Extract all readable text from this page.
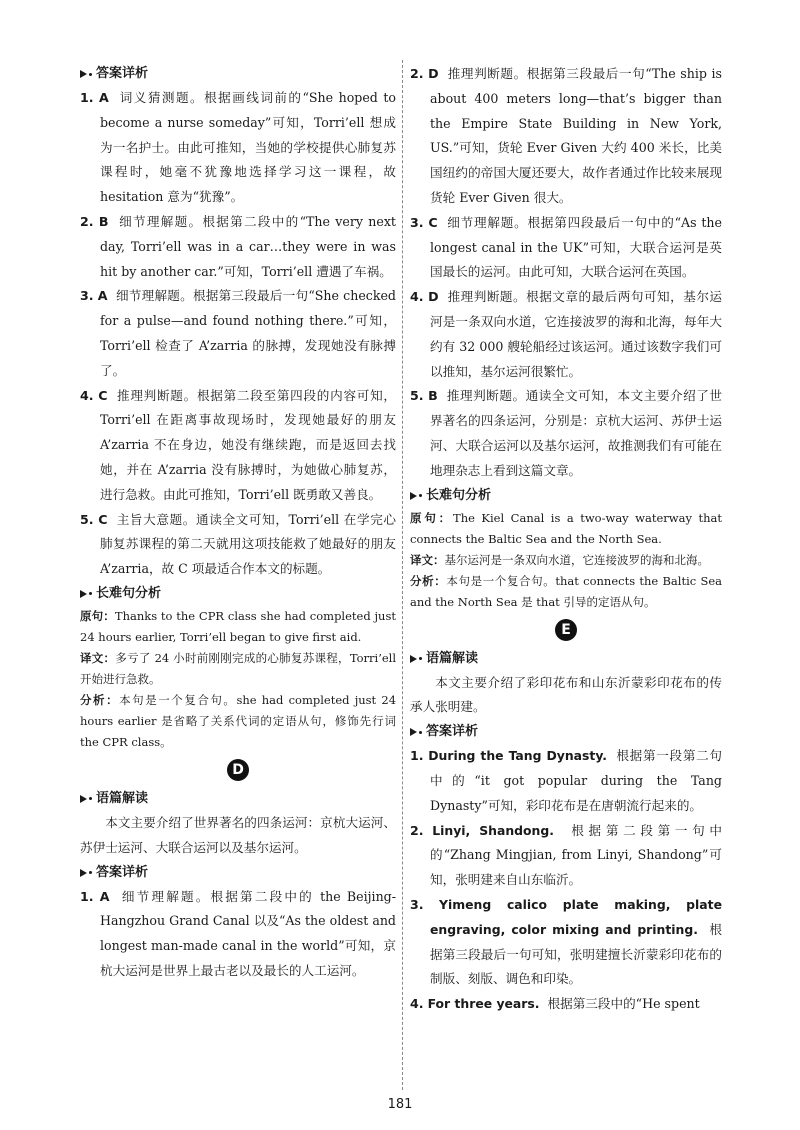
答案详析

1. A 词义猜测题。根据画线词前的“She hoped to become a nurse someday”可知，Torri’ell 想成为一名护士。由此可推知，当她的学校提供心肺复苏课程时，她毫不犹豫地选择学习这一课程，故 hesitation 意为“犹豫”。

2. B 细节理解题。根据第二段中的“The very next day, Torri’ell was in a car…they were in was hit by another car.”可知，Torri’ell 遭遇了车祸。

3. A 细节理解题。根据第三段最后一句“She checked for a pulse—and found nothing there.”可知，Torri’ell 检查了 A’zarria 的脉搏，发现她没有脉搏了。

4. C 推理判断题。根据第二段至第四段的内容可知，Torri’ell 在距离事故现场时，发现她最好的朋友 A’zarria 不在身边，她没有继续跑，而是返回去找她，并在 A’zarria 没有脉搏时，为她做心肺复苏，进行急救。由此可推知，Torri’ell 既勇敢又善良。

5. C 主旨大意题。通读全文可知，Torri’ell 在学完心肺复苏课程的第二天就用这项技能救了她最好的朋友 A’zarria，故 C 项最适合作本文的标题。

长难句分析

原句：Thanks to the CPR class she had completed just 24 hours earlier, Torri’ell began to give first aid.

译文：多亏了 24 小时前刚刚完成的心肺复苏课程，Torri’ell 开始进行急救。

分析：本句是一个复合句。she had completed just 24 hours earlier 是省略了关系代词的定语从句，修饰先行词 the CPR class。

D
语篇解读

本文主要介绍了世界著名的四条运河：京杭大运河、苏伊士运河、大联合运河以及基尔运河。

答案详析

1. A 细节理解题。根据第二段中的 the Beijing-Hangzhou Grand Canal 以及“As the oldest and longest man-made canal in the world”可知，京杭大运河是世界上最古老以及最长的人工运河。

2. D 推理判断题。根据第三段最后一句“The ship is about 400 meters long—that’s bigger than the Empire State Building in New York, US.”可知，货轮 Ever Given 大约 400 米长，比美国纽约的帝国大厦还要大，故作者通过作比较来展现货轮 Ever Given 很大。

3. C 细节理解题。根据第四段最后一句中的“As the longest canal in the UK”可知，大联合运河是英国最长的运河。由此可知，大联合运河在英国。

4. D 推理判断题。根据文章的最后两句可知，基尔运河是一条双向水道，它连接波罗的海和北海，每年大约有 32 000 艘轮船经过该运河。通过该数字我们可以推知，基尔运河很繁忙。

5. B 推理判断题。通读全文可知，本文主要介绍了世界著名的四条运河，分别是：京杭大运河、苏伊士运河、大联合运河以及基尔运河，故推测我们有可能在地理杂志上看到这篇文章。

长难句分析

原句：The Kiel Canal is a two-way waterway that connects the Baltic Sea and the North Sea.

译文：基尔运河是一条双向水道，它连接波罗的海和北海。

分析：本句是一个复合句。that connects the Baltic Sea and the North Sea 是 that 引导的定语从句。

E
语篇解读

本文主要介绍了彩印花布和山东沂蒙彩印花布的传承人张明建。

答案详析

1. During the Tang Dynasty. 根据第一段第二句中的“it got popular during the Tang Dynasty”可知，彩印花布是在唐朝流行起来的。

2. Linyi, Shandong. 根据第二段第一句中的“Zhang Mingjian, from Linyi, Shandong”可知，张明建来自山东临沂。

3. Yimeng calico plate making, plate engraving, color mixing and printing. 根据第三段最后一句可知，张明建擅长沂蒙彩印花布的制版、刻版、调色和印染。

4. For three years. 根据第三段中的“He spent

181
